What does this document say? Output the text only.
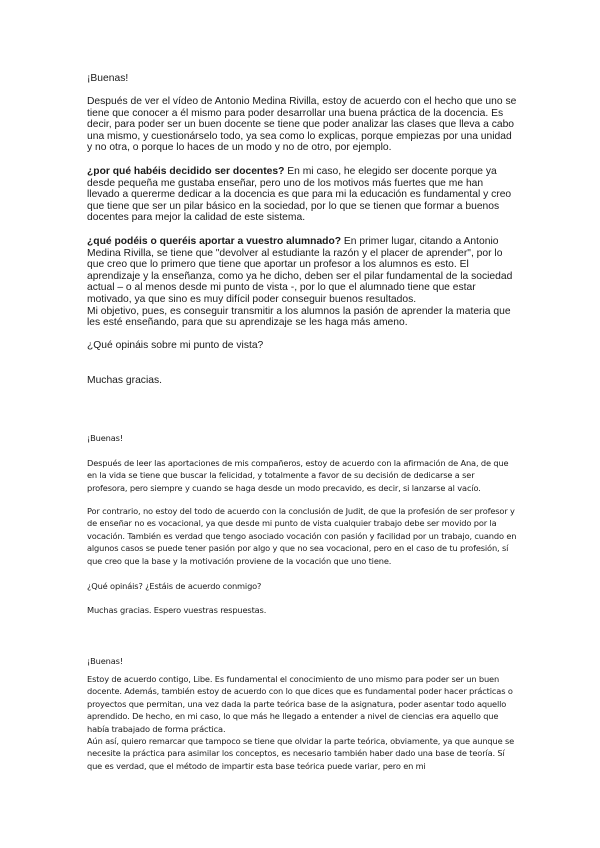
¡Buenas!
Después de ver el vídeo de Antonio Medina Rivilla, estoy de acuerdo con el hecho que uno se tiene que conocer a él mismo para poder desarrollar una buena práctica de la docencia. Es decir, para poder ser un buen docente se tiene que poder analizar las clases que lleva a cabo una mismo, y cuestionárselo todo, ya sea como lo explicas, porque empiezas por una unidad y no otra, o porque lo haces de un modo y no de otro, por ejemplo.
¿por qué habéis decidido ser docentes? En mi caso, he elegido ser docente porque ya desde pequeña me gustaba enseñar, pero uno de los motivos más fuertes que me han llevado a quererme dedicar a la docencia es que para mi la educación es fundamental y creo que tiene que ser un pilar básico en la sociedad, por lo que se tienen que formar a buenos docentes para mejor la calidad de este sistema.

¿qué podéis o queréis aportar a vuestro alumnado? En primer lugar, citando a Antonio Medina Rivilla, se tiene que "devolver al estudiante la razón y el placer de aprender", por lo que creo que lo primero que tiene que aportar un profesor a los alumnos es esto. El aprendizaje y la enseñanza, como ya he dicho, deben ser el pilar fundamental de la sociedad actual – o al menos desde mi punto de vista -, por lo que el alumnado tiene que estar motivado, ya que sino es muy difícil poder conseguir buenos resultados.

Mi objetivo, pues, es conseguir transmitir a los alumnos la pasión de aprender la materia que les esté enseñando, para que su aprendizaje se les haga más ameno.

¿Qué opináis sobre mi punto de vista?
Muchas gracias.
¡Buenas!
Después de leer las aportaciones de mis compañeros, estoy de acuerdo con la afirmación de Ana, de que en la vida se tiene que buscar la felicidad, y totalmente a favor de su decisión de dedicarse a ser profesora, pero siempre y cuando se haga desde un modo precavido, es decir, si lanzarse al vacío.
Por contrario, no estoy del todo de acuerdo con la conclusión de Judit, de que la profesión de ser profesor y de enseñar no es vocacional, ya que desde mi punto de vista cualquier trabajo debe ser movido por la vocación. También es verdad que tengo asociado vocación con pasión y facilidad por un trabajo, cuando en algunos casos se puede tener pasión por algo y que no sea vocacional, pero en el caso de tu profesión, sí que creo que la base y la motivación proviene de la vocación que uno tiene.
¿Qué opináis? ¿Estáis de acuerdo conmigo?
Muchas gracias. Espero vuestras respuestas.
¡Buenas!

Estoy de acuerdo contigo, Libe. Es fundamental el conocimiento de uno mismo para poder ser un buen docente. Además, también estoy de acuerdo con lo que dices que es fundamental poder hacer prácticas o proyectos que permitan, una vez dada la parte teórica base de la asignatura, poder asentar todo aquello aprendido. De hecho, en mi caso, lo que más he llegado a entender a nivel de ciencias era aquello que había trabajado de forma práctica.

Aún así, quiero remarcar que tampoco se tiene que olvidar la parte teórica, obviamente, ya que aunque se necesite la práctica para asimilar los conceptos, es necesario también haber dado una base de teoría. Sí que es verdad, que el método de impartir esta base teórica puede variar, pero en mi
